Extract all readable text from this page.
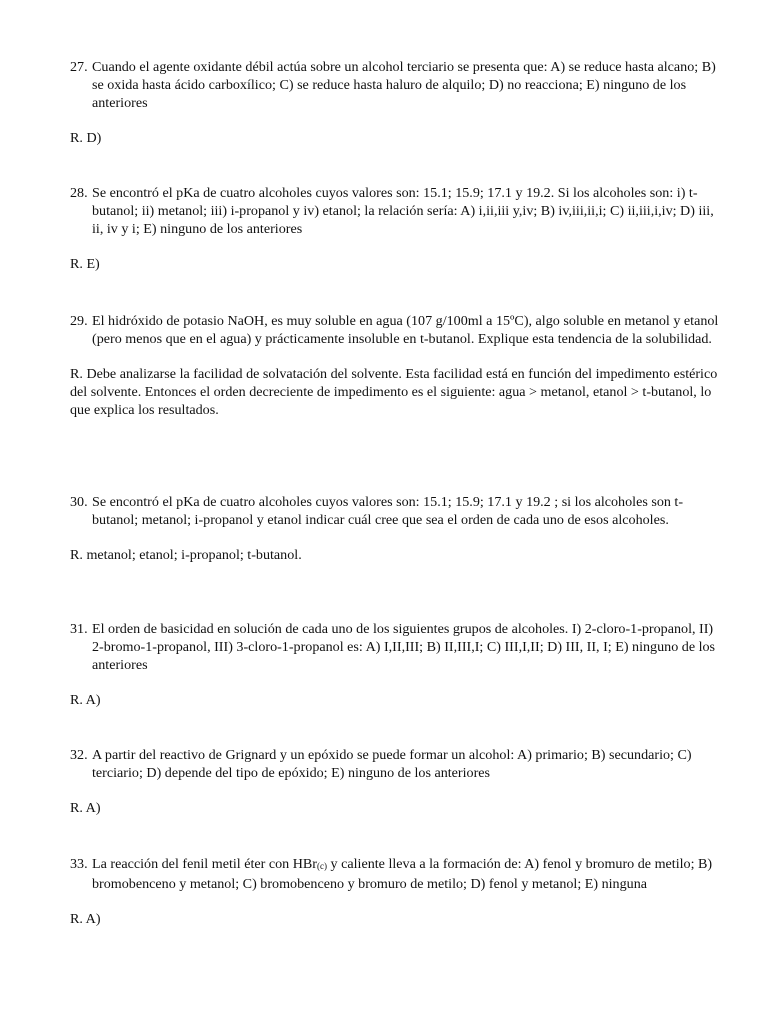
27. Cuando el agente oxidante débil actúa sobre un alcohol terciario se presenta que: A) se reduce hasta alcano; B) se oxida hasta ácido carboxílico; C) se reduce hasta haluro de alquilo; D) no reacciona; E) ninguno de los anteriores

R. D)

28. Se encontró el pKa de cuatro alcoholes cuyos valores son: 15.1; 15.9; 17.1 y 19.2. Si los alcoholes son: i) t-butanol; ii) metanol; iii) i-propanol y iv) etanol; la relación sería: A) i,ii,iii y,iv; B) iv,iii,ii,i; C) ii,iii,i,iv; D) iii, ii, iv y i; E) ninguno de los anteriores

R. E)

29. El hidróxido de potasio NaOH, es muy soluble en agua (107 g/100ml a 15ºC), algo soluble en metanol y etanol (pero menos que en el agua) y prácticamente insoluble en t-butanol. Explique esta tendencia de la solubilidad.

R. Debe analizarse la facilidad de solvatación del solvente. Esta facilidad está en función del impedimento estérico del solvente. Entonces el orden decreciente de impedimento es el siguiente: agua > metanol, etanol > t-butanol, lo que explica los resultados.

30. Se encontró el pKa de cuatro alcoholes cuyos valores son: 15.1; 15.9; 17.1 y 19.2 ; si los alcoholes son t-butanol; metanol; i-propanol y etanol indicar cuál cree que sea el orden de cada uno de esos alcoholes.

R. metanol; etanol; i-propanol; t-butanol.

31. El orden de basicidad en solución de cada uno de los siguientes grupos de alcoholes. I) 2-cloro-1-propanol, II) 2-bromo-1-propanol, III) 3-cloro-1-propanol es: A) I,II,III; B) II,III,I; C) III,I,II; D) III, II, I; E) ninguno de los anteriores

R. A)

32. A partir del reactivo de Grignard y un epóxido se puede formar un alcohol: A) primario; B) secundario; C) terciario; D) depende del tipo de epóxido; E) ninguno de los anteriores

R. A)

33. La reacción del fenil metil éter con HBr(c) y caliente lleva a la formación de: A) fenol y bromuro de metilo; B) bromobenceno y metanol; C) bromobenceno y bromuro de metilo; D) fenol y metanol; E) ninguna

R. A)
